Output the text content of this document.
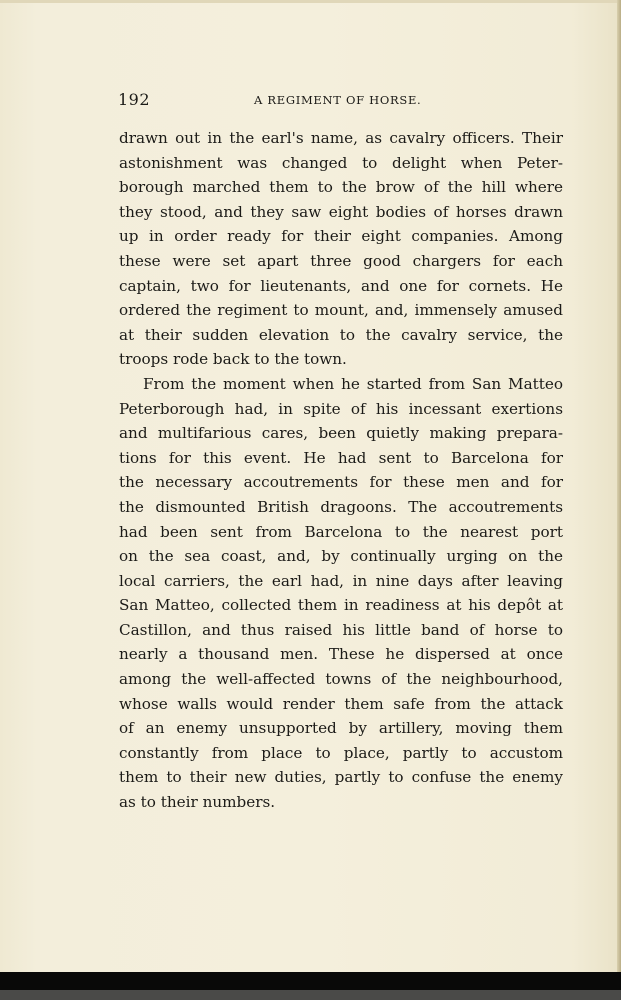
192	A REGIMENT OF HORSE.
drawn out in the earl's name, as cavalry officers. Their
astonishment was changed to delight when Peter-
borough marched them to the brow of the hill where
they stood, and they saw eight bodies of horses drawn
up in order ready for their eight companies. Among
these were set apart three good chargers for each
captain, two for lieutenants, and one for cornets. He
ordered the regiment to mount, and, immensely amused
at their sudden elevation to the cavalry service, the
troops rode back to the town.
From the moment when he started from San Matteo
Peterborough had, in spite of his incessant exertions
and multifarious cares, been quietly making prepara-
tions for this event. He had sent to Barcelona for
the necessary accoutrements for these men and for
the dismounted British dragoons. The accoutrements
had been sent from Barcelona to the nearest port
on the sea coast, and, by continually urging on the
local carriers, the earl had, in nine days after leaving
San Matteo, collected them in readiness at his depôt at
Castillon, and thus raised his little band of horse to
nearly a thousand men. These he dispersed at once
among the well-affected towns of the neighbourhood,
whose walls would render them safe from the attack
of an enemy unsupported by artillery, moving them
constantly from place to place, partly to accustom
them to their new duties, partly to confuse the enemy
as to their numbers.
